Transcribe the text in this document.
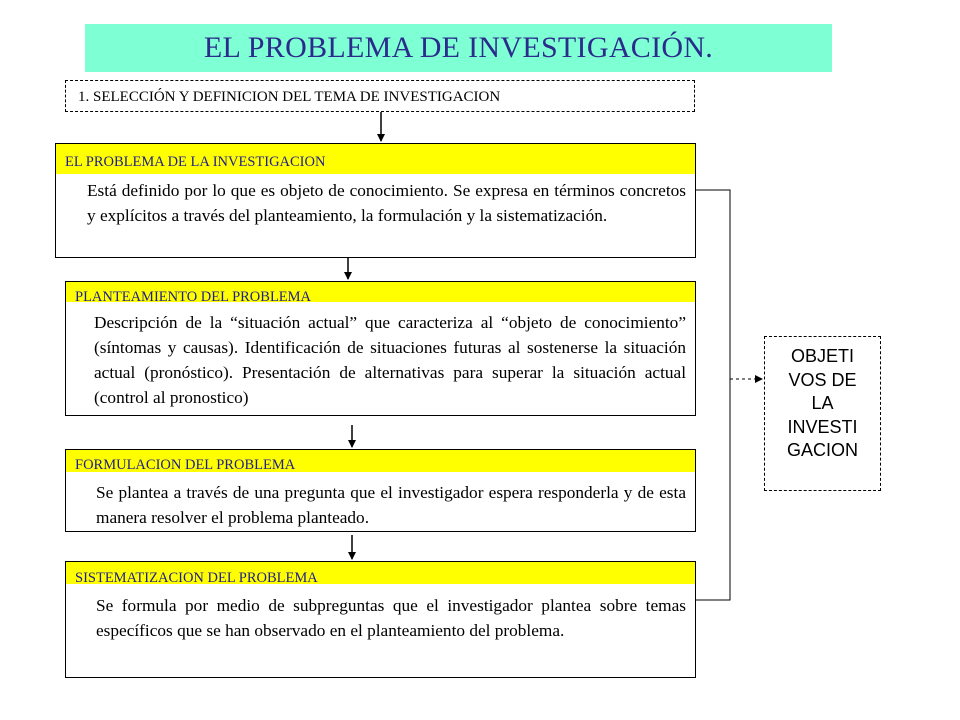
EL PROBLEMA DE INVESTIGACIÓN.
1. SELECCIÓN Y DEFINICION DEL TEMA DE INVESTIGACION
EL PROBLEMA DE LA INVESTIGACION
Está definido por lo que es objeto de conocimiento. Se expresa en términos concretos y explícitos a través del planteamiento, la formulación y la sistematización.
PLANTEAMIENTO DEL PROBLEMA
Descripción de la “situación actual” que caracteriza al “objeto de conocimiento” (síntomas y causas). Identificación de situaciones futuras al sostenerse la situación actual (pronóstico). Presentación de alternativas para superar la situación actual (control al pronostico)
FORMULACION DEL PROBLEMA
Se plantea a través de una pregunta que el investigador espera responderla y de esta manera resolver el problema planteado.
SISTEMATIZACION DEL PROBLEMA
Se formula por medio de subpreguntas que el investigador plantea sobre temas específicos que se han observado en el planteamiento del problema.
OBJETI
VOS DE
LA
INVESTI
GACION
